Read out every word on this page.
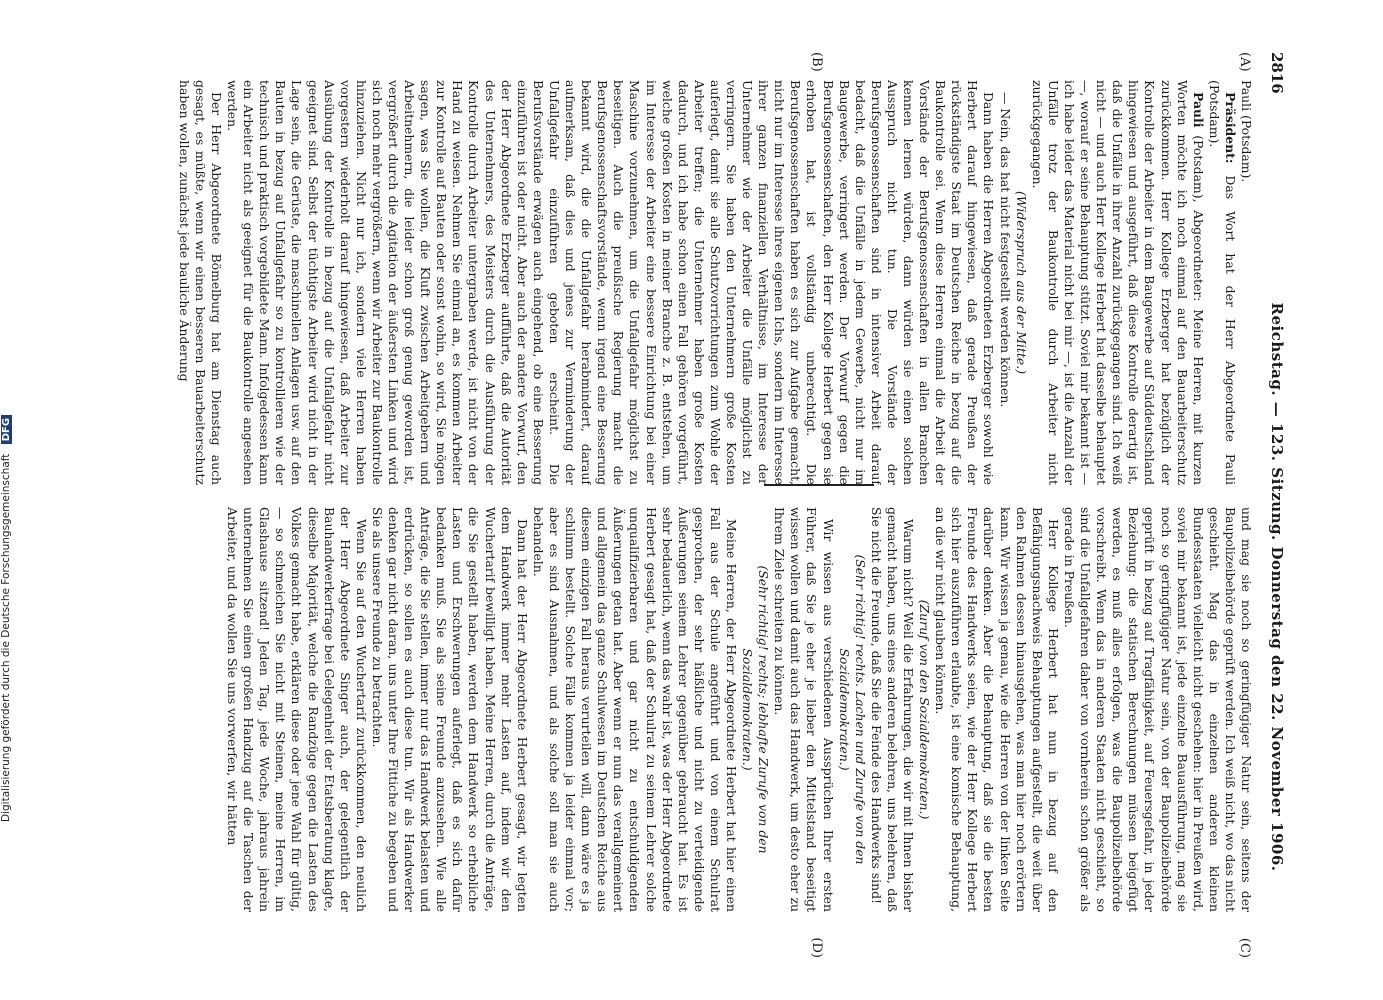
2816
Reichstag. — 123. Sitzung. Donnerstag den 22. November 1906.
(A)
(B)
(C)
(D)

Pauli (Potsdam).

Präsident: Das Wort hat der Herr Abgeordnete Pauli (Potsdam).

Pauli (Potsdam), Abgeordneter: Meine Herren, mit kurzen Worten möchte ich noch einmal auf den Bauarbeiterschutz zurückkommen. Herr Kollege Erzberger hat bezüglich der Kontrolle der Arbeiter in dem Baugewerbe auf Süddeutschland hingewiesen und ausgeführt, daß diese Kontrolle derartig ist, daß die Unfälle in ihrer Anzahl zurückgegangen sind. Ich weiß nicht — und auch Herr Kollege Herbert hat dasselbe behauptet —, worauf er seine Behauptung stützt. Soviel mir bekannt ist — ich habe leider das Material nicht bei mir —, ist die Anzahl der Unfälle trotz der Baukontrolle durch Arbeiter nicht zurückgegangen.

(Widerspruch aus der Mitte.)

— Nein, das hat nicht festgestellt werden können.

Dann haben die Herren Abgeordneten Erzberger sowohl wie Herbert darauf hingewiesen, daß gerade Preußen der rückständigste Staat im Deutschen Reiche in bezug auf die Baukontrolle sei. Wenn diese Herren einmal die Arbeit der Vorstände der Berufsgenossenschaften in allen Branchen kennen lernen würden, dann würden sie einen solchen Ausspruch nicht tun. Die Vorstände der Berufsgenossenschaften sind in intensiver Arbeit darauf bedacht, daß die Unfälle in jedem Gewerbe, nicht nur im Baugewerbe, verringert werden. Der Vorwurf gegen die Berufsgenossenschaften, den Herr Kollege Herbert gegen sie erhoben hat, ist vollständig unberechtigt. Die Berufsgenossenschaften haben es sich zur Aufgabe gemacht, nicht nur im Interesse ihres eigenen Ichs, sondern im Interesse ihrer ganzen finanziellen Verhältnisse, im Interesse der Unternehmer wie der Arbeiter die Unfälle möglichst zu verringern. Sie haben den Unternehmern große Kosten auferlegt, damit sie alle Schutzvorrichtungen zum Wohle der Arbeiter treffen; die Unternehmer haben große Kosten dadurch, und ich habe schon einen Fall gehören vorgeführt, welche großen Kosten in meiner Branche z. B. entstehen, um im Interesse der Arbeiter eine bessere Einrichtung bei einer Maschine vorzunehmen, um die Unfallgefahr möglichst zu beseitigen. Auch die preußische Regierung macht die Berufsgenossenschaftsvorstände, wenn irgend eine Besserung bekannt wird, die die Unfallgefahr herabmindert, darauf aufmerksam, daß dies und jenes zur Verminderung der Unfallgefahr einzuführen geboten erscheint. Die Berufsvorstände erwägen auch eingehend, ob eine Besserung einzuführen ist oder nicht. Aber auch der andere Vorwurf, den der Herr Abgeordnete Erzberger aufführte, daß die Autorität des Unternehmers, des Meisters durch die Ausführung der Kontrolle durch Arbeiter untergraben werde, ist nicht von der Hand zu weisen. Nehmen Sie einmal an, es kommen Arbeiter zur Kontrolle auf Bauten oder sonst wohin, so wird, Sie mögen sagen, was Sie wollen, die Kluft zwischen Arbeitgebern und Arbeitnehmern, die leider schon groß genug geworden ist, vergrößert durch die Agitation der äußersten Linken und wird sich noch mehr vergrößern, wenn wir Arbeiter zur Baukontrolle hinzuziehen. Nicht nur ich, sondern viele Herren haben vorgestern wiederholt darauf hingewiesen, daß Arbeiter zur Ausübung der Kontrolle in bezug auf die Unfallgefahr nicht geeignet sind. Selbst der tüchtigste Arbeiter wird nicht in der Lage sein, die Gerüste, die maschinellen Anlagen usw. auf den Bauten in bezug auf Unfallgefahr so zu kontrollieren wie der technisch und praktisch vorgebildete Mann. Infolgedessen kann ein Arbeiter nicht als geeignet für die Baukontrolle angesehen werden.

Der Herr Abgeordnete Bömelburg hat am Dienstag auch gesagt, es müßte, wenn wir einen besseren Bauarbeiterschutz haben wollen, zunächst jede bauliche Änderung

und mag sie noch so geringfügiger Natur sein, seitens der Baupolizeibehörde geprüft werden. Ich weiß nicht, wo das nicht geschieht. Mag das in einzelnen anderen kleinen Bundesstaaten vielleicht nicht geschehen: hier in Preußen wird, soviel mir bekannt ist, jede einzelne Bauausführung, mag sie noch so geringfügiger Natur sein, von der Baupolizeibehörde geprüft in bezug auf Tragfähigkeit, auf Feuersgefahr, in jeder Beziehung: die statischen Berechnungen müssen beigefügt werden, es muß alles erfolgen, was die Baupolizeibehörde vorschreibt. Wenn das in anderen Staaten nicht geschieht, so sind die Unfallgefahren daher von vornherein schon größer als gerade in Preußen.

Herr Kollege Herbert hat nun in bezug auf den Befähigungsnachweis Behauptungen aufgestellt, die weit über den Rahmen dessen hinausgehen, was man hier noch erörtern kann. Wir wissen ja genau, wie die Herren von der linken Seite darüber denken. Aber die Behauptung, daß sie die besten Freunde des Handwerks seien, wie der Herr Kollege Herbert sich hier auszuführen erlaubte, ist eine komische Behauptung, an die wir nicht glauben können.

(Zuruf von den Sozialdemokraten.)

Warum nicht? Weil die Erfahrungen, die wir mit Ihnen bisher gemacht haben, uns eines anderen belehren, uns belehren, daß Sie nicht die Freunde, daß Sie die Feinde des Handwerks sind!

(Sehr richtig! rechts. Lachen und Zurufe von den Sozialdemokraten.)

Wir wissen aus verschiedenen Aussprüchen Ihrer ersten Führer, daß Sie je eher je lieber den Mittelstand beseitigt wissen wollen und damit auch das Handwerk, um desto eher zu Ihrem Ziele schreiten zu können.

(Sehr richtig! rechts; lebhafte Zurufe von den Sozialdemokraten.)

Meine Herren, der Herr Abgeordnete Herbert hat hier einen Fall aus der Schule angeführt und von einem Schulrat gesprochen, der sehr häßliche und nicht zu verteidigende Äußerungen seinem Lehrer gegenüber gebraucht hat. Es ist sehr bedauerlich, wenn das wahr ist, was der Herr Abgeordnete Herbert gesagt hat, daß der Schulrat zu seinem Lehrer solche unqualifizierbaren und gar nicht zu entschuldigenden Äußerungen getan hat. Aber wenn er nun das verallgemeinert und allgemein das ganze Schulwesen im Deutschen Reiche aus diesem einzigen Fall heraus verurteilen will, dann wäre es ja schlimm bestellt. Solche Fälle kommen ja leider einmal vor; aber es sind Ausnahmen, und als solche soll man sie auch behandeln.

Dann hat der Herr Abgeordnete Herbert gesagt, wir legten dem Handwerk immer mehr Lasten auf, indem wir den Wuchertarif bewilligt haben. Meine Herren, durch die Anträge, die Sie gestellt haben, werden dem Handwerk so erhebliche Lasten und Erschwerungen auferlegt, daß es sich dafür bedanken muß. Sie als seine Freunde anzusehen. Wie alle Anträge, die Sie stellen, immer nur das Handwerk belasten und erdrücken, so sollen es auch diese tun. Wir als Handwerker denken gar nicht daran, uns unter Ihre Fittiche zu begeben und Sie als unsere Freunde zu betrachten.

Wenn Sie auf den Wuchertarif zurückkommen, den neulich der Herr Abgeordnete Singer auch, der gelegentlich der Bauhandwerkerfrage bei Gelegenheit der Etatsberatung klagte, dieselbe Majorität, welche die Randzüge gegen die Lasten des Volkes gemacht habe, erklären diese oder jene Wahl für gültig, — so schmeichen Sie nicht mit Steinen, meine Herren, im Glashause sitzend! Jeden Tag, jede Woche, jahraus jahrein unternehmen Sie einen großen Handzug auf die Taschen der Arbeiter, und da wollen Sie uns vorwerfen, wir hätten

Digitalisierung gefördert durch die Deutsche Forschungsgemeinschaft DFG
